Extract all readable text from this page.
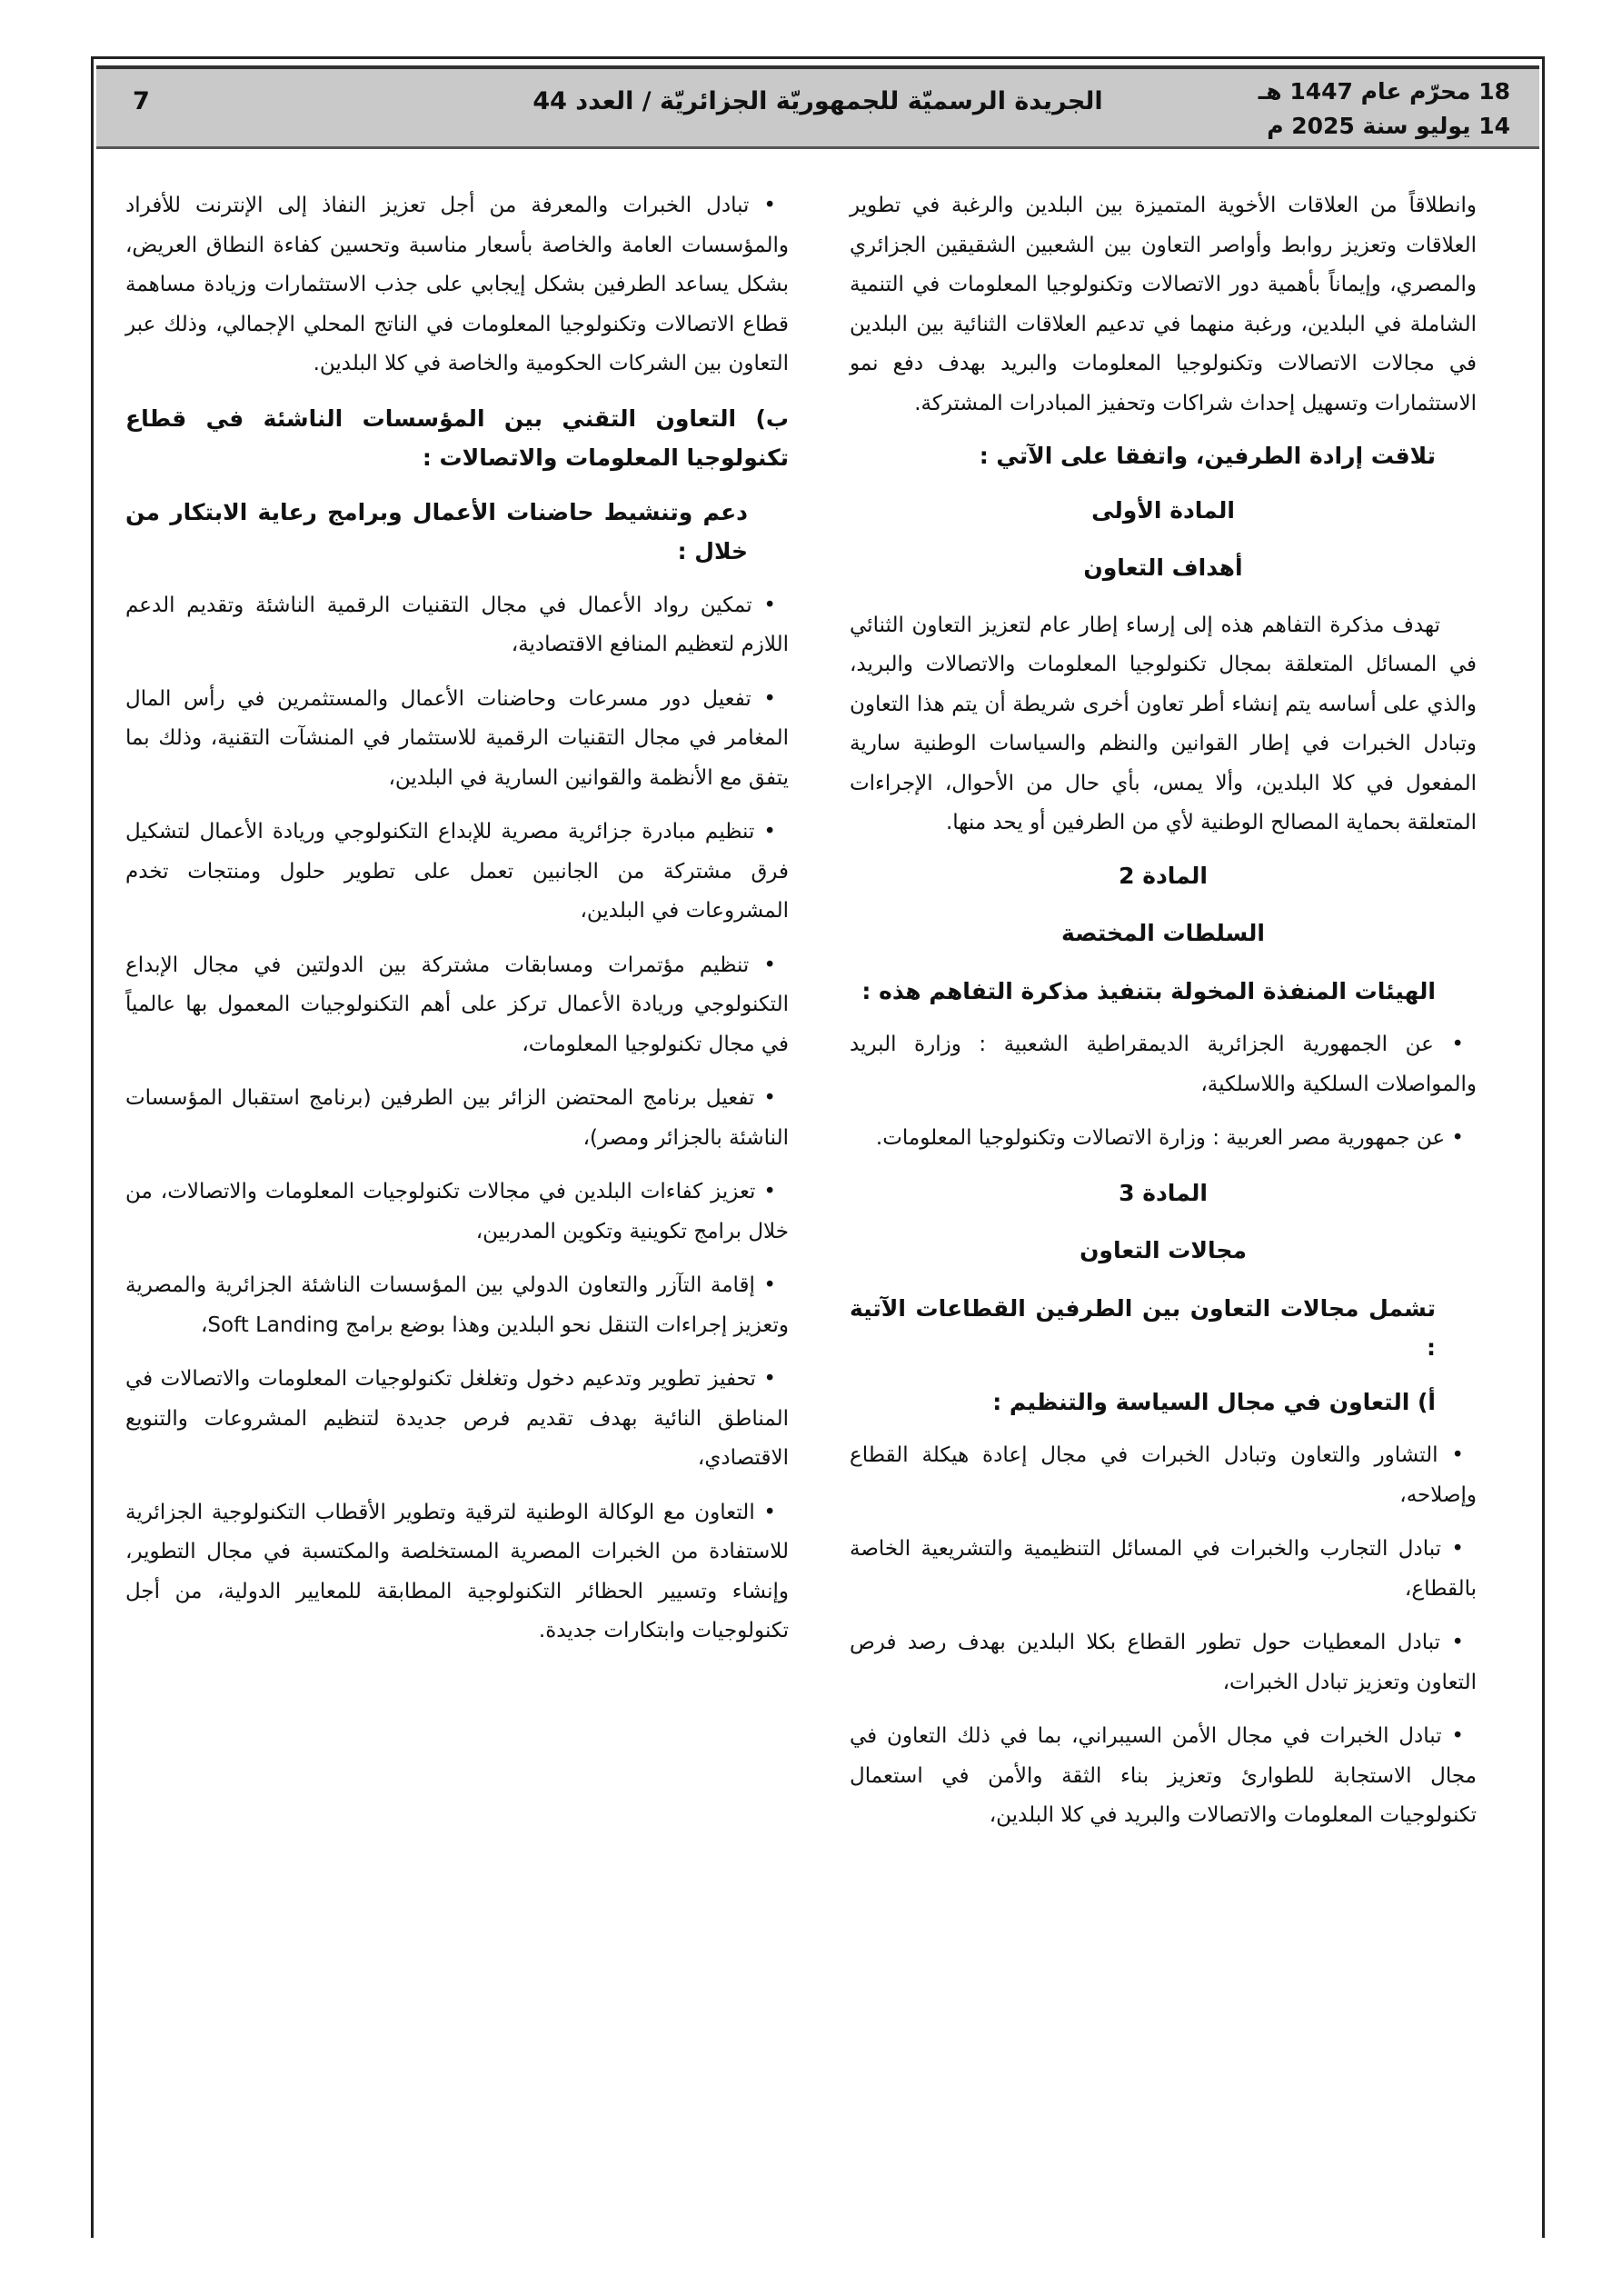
18 محرّم عام 1447 هـ
14 يوليو سنة 2025 م
الجريدة الرسميّة للجمهوريّة الجزائريّة / العدد 44
7
وانطلاقاً من العلاقات الأخوية المتميزة بين البلدين والرغبة في تطوير العلاقات وتعزيز روابط وأواصر التعاون بين الشعبين الشقيقين الجزائري والمصري، وإيماناً بأهمية دور الاتصالات وتكنولوجيا المعلومات في التنمية الشاملة في البلدين، ورغبة منهما في تدعيم العلاقات الثنائية بين البلدين في مجالات الاتصالات وتكنولوجيا المعلومات والبريد بهدف دفع نمو الاستثمارات وتسهيل إحداث شراكات وتحفيز المبادرات المشتركة.
تلاقت إرادة الطرفين، واتفقا على الآتي :
المادة الأولى
أهداف التعاون
تهدف مذكرة التفاهم هذه إلى إرساء إطار عام لتعزيز التعاون الثنائي في المسائل المتعلقة بمجال تكنولوجيا المعلومات والاتصالات والبريد، والذي على أساسه يتم إنشاء أطر تعاون أخرى شريطة أن يتم هذا التعاون وتبادل الخبرات في إطار القوانين والنظم والسياسات الوطنية سارية المفعول في كلا البلدين، وألا يمس، بأي حال من الأحوال، الإجراءات المتعلقة بحماية المصالح الوطنية لأي من الطرفين أو يحد منها.
المادة 2
السلطات المختصة
الهيئات المنفذة المخولة بتنفيذ مذكرة التفاهم هذه :
• عن الجمهورية الجزائرية الديمقراطية الشعبية : وزارة البريد والمواصلات السلكية واللاسلكية،
• عن جمهورية مصر العربية : وزارة الاتصالات وتكنولوجيا المعلومات.
المادة 3
مجالات التعاون
تشمل مجالات التعاون بين الطرفين القطاعات الآتية :
أ) التعاون في مجال السياسة والتنظيم :
• التشاور والتعاون وتبادل الخبرات في مجال إعادة هيكلة القطاع وإصلاحه،
• تبادل التجارب والخبرات في المسائل التنظيمية والتشريعية الخاصة بالقطاع،
• تبادل المعطيات حول تطور القطاع بكلا البلدين بهدف رصد فرص التعاون وتعزيز تبادل الخبرات،
• تبادل الخبرات في مجال الأمن السيبراني، بما في ذلك التعاون في مجال الاستجابة للطوارئ وتعزيز بناء الثقة والأمن في استعمال تكنولوجيات المعلومات والاتصالات والبريد في كلا البلدين،
• تبادل الخبرات والمعرفة من أجل تعزيز النفاذ إلى الإنترنت للأفراد والمؤسسات العامة والخاصة بأسعار مناسبة وتحسين كفاءة النطاق العريض، بشكل يساعد الطرفين بشكل إيجابي على جذب الاستثمارات وزيادة مساهمة قطاع الاتصالات وتكنولوجيا المعلومات في الناتج المحلي الإجمالي، وذلك عبر التعاون بين الشركات الحكومية والخاصة في كلا البلدين.
ب) التعاون التقني بين المؤسسات الناشئة في قطاع تكنولوجيا المعلومات والاتصالات :
دعم وتنشيط حاضنات الأعمال وبرامج رعاية الابتكار من خلال :
• تمكين رواد الأعمال في مجال التقنيات الرقمية الناشئة وتقديم الدعم اللازم لتعظيم المنافع الاقتصادية،
• تفعيل دور مسرعات وحاضنات الأعمال والمستثمرين في رأس المال المغامر في مجال التقنيات الرقمية للاستثمار في المنشآت التقنية، وذلك بما يتفق مع الأنظمة والقوانين السارية في البلدين،
• تنظيم مبادرة جزائرية مصرية للإبداع التكنولوجي وريادة الأعمال لتشكيل فرق مشتركة من الجانبين تعمل على تطوير حلول ومنتجات تخدم المشروعات في البلدين،
• تنظيم مؤتمرات ومسابقات مشتركة بين الدولتين في مجال الإبداع التكنولوجي وريادة الأعمال تركز على أهم التكنولوجيات المعمول بها عالمياً في مجال تكنولوجيا المعلومات،
• تفعيل برنامج المحتضن الزائر بين الطرفين (برنامج استقبال المؤسسات الناشئة بالجزائر ومصر)،
• تعزيز كفاءات البلدين في مجالات تكنولوجيات المعلومات والاتصالات، من خلال برامج تكوينية وتكوين المدربين،
• إقامة التآزر والتعاون الدولي بين المؤسسات الناشئة الجزائرية والمصرية وتعزيز إجراءات التنقل نحو البلدين وهذا بوضع برامج Soft Landing،
• تحفيز تطوير وتدعيم دخول وتغلغل تكنولوجيات المعلومات والاتصالات في المناطق النائية بهدف تقديم فرص جديدة لتنظيم المشروعات والتنويع الاقتصادي،
• التعاون مع الوكالة الوطنية لترقية وتطوير الأقطاب التكنولوجية الجزائرية للاستفادة من الخبرات المصرية المستخلصة والمكتسبة في مجال التطوير، وإنشاء وتسيير الحظائر التكنولوجية المطابقة للمعايير الدولية، من أجل تكنولوجيات وابتكارات جديدة.
